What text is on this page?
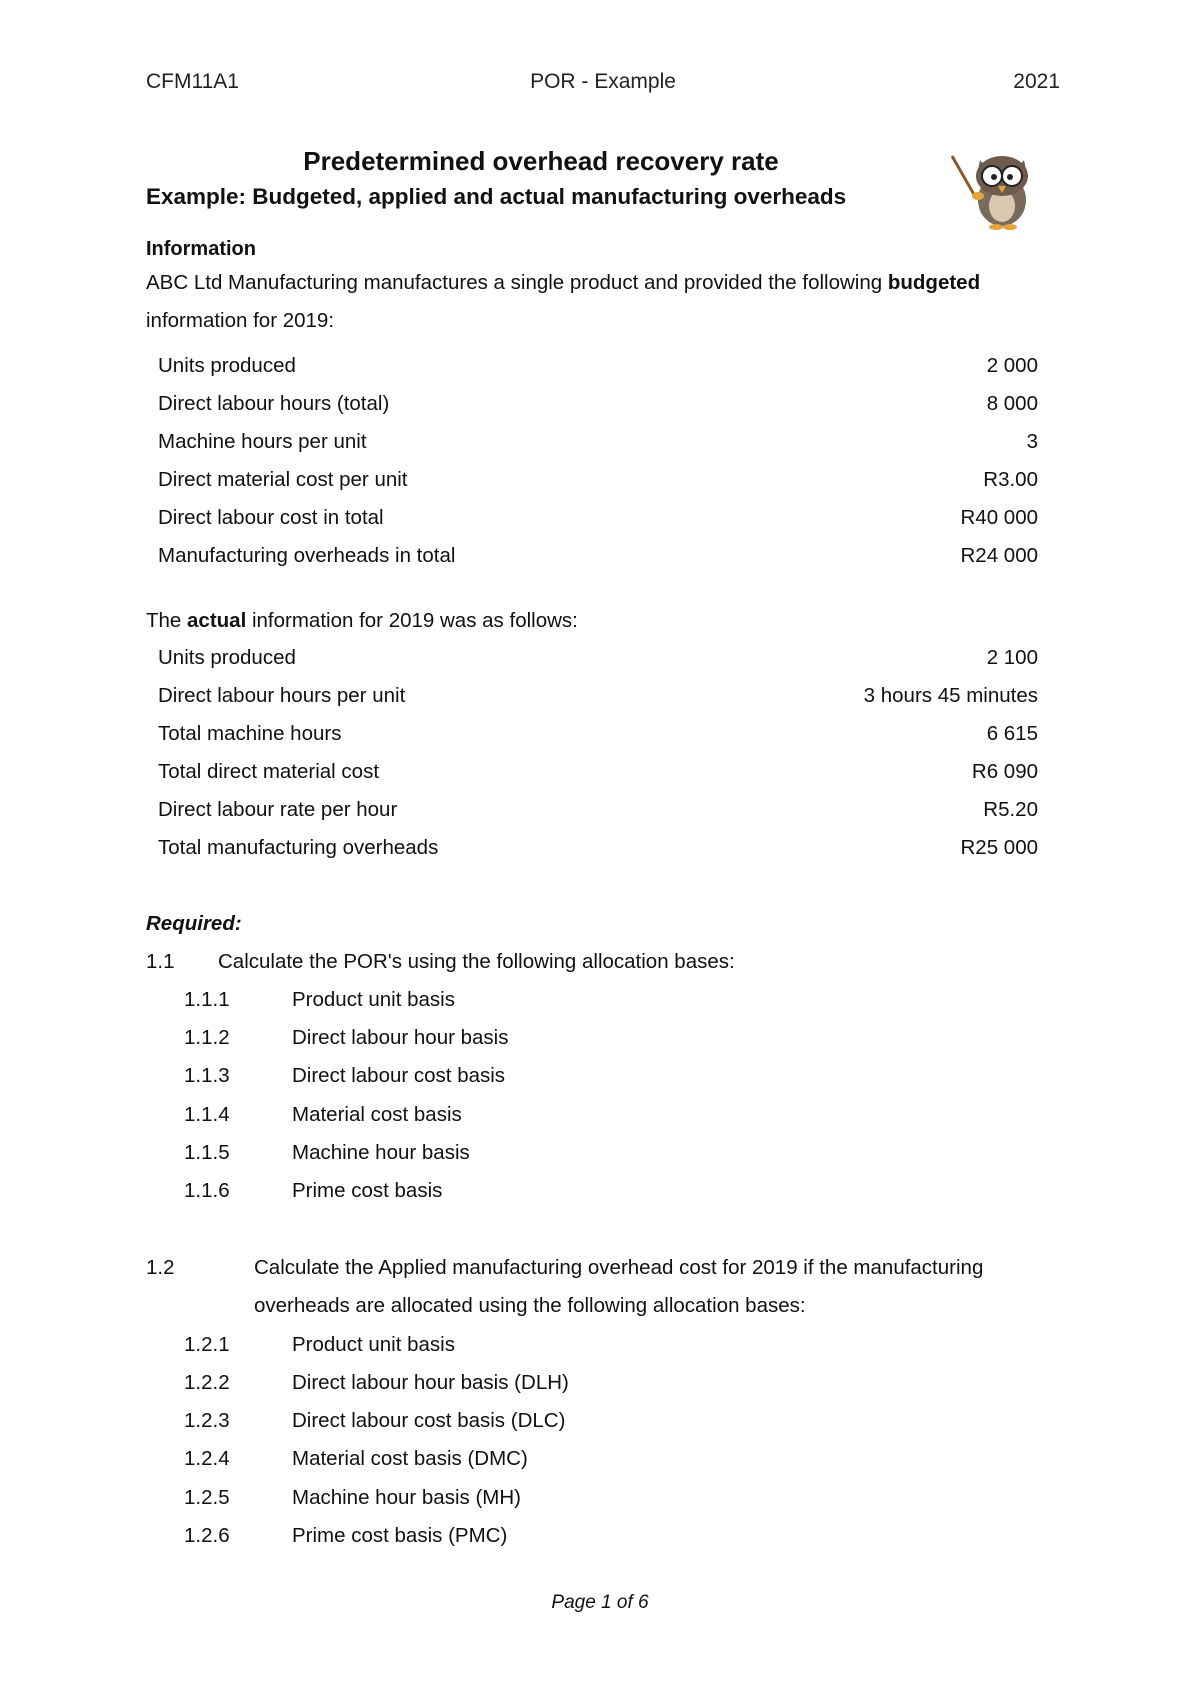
CFM11A1	POR - Example	2021
Predetermined overhead recovery rate
Example: Budgeted, applied and actual manufacturing overheads
Information
ABC Ltd Manufacturing manufactures a single product and provided the following budgeted
information for 2019:
Units produced	2 000
Direct labour hours (total)	8 000
Machine hours per unit	3
Direct material cost per unit	R3.00
Direct labour cost in total	R40 000
Manufacturing overheads in total	R24 000
The actual information for 2019 was as follows:
Units produced	2 100
Direct labour hours per unit	3 hours 45 minutes
Total machine hours	6 615
Total direct material cost	R6 090
Direct labour rate per hour	R5.20
Total manufacturing overheads	R25 000
Required:
1.1 Calculate the POR's using the following allocation bases:
1.1.1	Product unit basis
1.1.2	Direct labour hour basis
1.1.3	Direct labour cost basis
1.1.4	Material cost basis
1.1.5	Machine hour basis
1.1.6	Prime cost basis
1.2	Calculate the Applied manufacturing overhead cost for 2019 if the manufacturing
overheads are allocated using the following allocation bases:
1.2.1	Product unit basis
1.2.2	Direct labour hour basis (DLH)
1.2.3	Direct labour cost basis (DLC)
1.2.4	Material cost basis (DMC)
1.2.5	Machine hour basis (MH)
1.2.6	Prime cost basis (PMC)
Page 1 of 6
